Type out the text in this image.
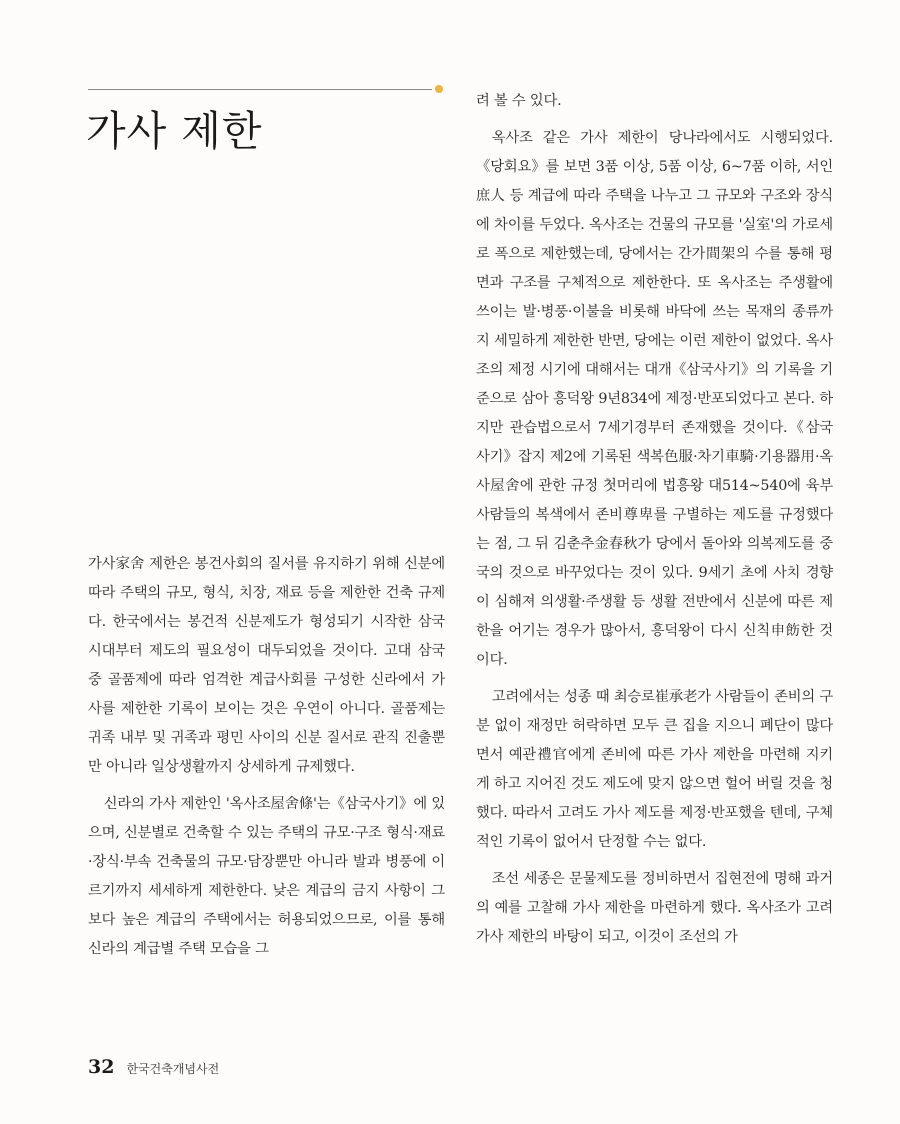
가사 제한

가사家舍 제한은 봉건사회의 질서를 유지하기 위해 신분에 따라 주택의 규모, 형식, 치장, 재료 등을 제한한 건축 규제다. 한국에서는 봉건적 신분제도가 형성되기 시작한 삼국시대부터 제도의 필요성이 대두되었을 것이다. 고대 삼국 중 골품제에 따라 엄격한 계급사회를 구성한 신라에서 가사를 제한한 기록이 보이는 것은 우연이 아니다. 골품제는 귀족 내부 및 귀족과 평민 사이의 신분 질서로 관직 진출뿐만 아니라 일상생활까지 상세하게 규제했다.

신라의 가사 제한인 '옥사조屋舍條'는《삼국사기》에 있으며, 신분별로 건축할 수 있는 주택의 규모·구조 형식·재료·장식·부속 건축물의 규모·담장뿐만 아니라 발과 병풍에 이르기까지 세세하게 제한한다. 낮은 계급의 금지 사항이 그보다 높은 계급의 주택에서는 허용되었으므로, 이를 통해 신라의 계급별 주택 모습을 그

려 볼 수 있다.

옥사조 같은 가사 제한이 당나라에서도 시행되었다. 《당회요》를 보면 3품 이상, 5품 이상, 6~7품 이하, 서인庶人 등 계급에 따라 주택을 나누고 그 규모와 구조와 장식에 차이를 두었다. 옥사조는 건물의 규모를 '실室'의 가로세로 폭으로 제한했는데, 당에서는 간가間架의 수를 통해 평면과 구조를 구체적으로 제한한다. 또 옥사조는 주생활에 쓰이는 발·병풍·이불을 비롯해 바닥에 쓰는 목재의 종류까지 세밀하게 제한한 반면, 당에는 이런 제한이 없었다. 옥사조의 제정 시기에 대해서는 대개《삼국사기》의 기록을 기준으로 삼아 흥덕왕 9년834에 제정·반포되었다고 본다. 하지만 관습법으로서 7세기경부터 존재했을 것이다.《삼국사기》잡지 제2에 기록된 색복色服·차기車騎·기용器用·옥사屋舍에 관한 규정 첫머리에 법흥왕 대514~540에 육부 사람들의 복색에서 존비尊卑를 구별하는 제도를 규정했다는 점, 그 뒤 김춘추金春秋가 당에서 돌아와 의복제도를 중국의 것으로 바꾸었다는 것이 있다. 9세기 초에 사치 경향이 심해져 의생활·주생활 등 생활 전반에서 신분에 따른 제한을 어기는 경우가 많아서, 흥덕왕이 다시 신칙申飭한 것이다.

고려에서는 성종 때 최승로崔承老가 사람들이 존비의 구분 없이 재정만 허락하면 모두 큰 집을 지으니 폐단이 많다면서 예관禮官에게 존비에 따른 가사 제한을 마련해 지키게 하고 지어진 것도 제도에 맞지 않으면 헐어 버릴 것을 청했다. 따라서 고려도 가사 제도를 제정·반포했을 텐데, 구체적인 기록이 없어서 단정할 수는 없다.

조선 세종은 문물제도를 정비하면서 집현전에 명해 과거의 예를 고찰해 가사 제한을 마련하게 했다. 옥사조가 고려 가사 제한의 바탕이 되고, 이것이 조선의 가

32 한국건축개념사전
